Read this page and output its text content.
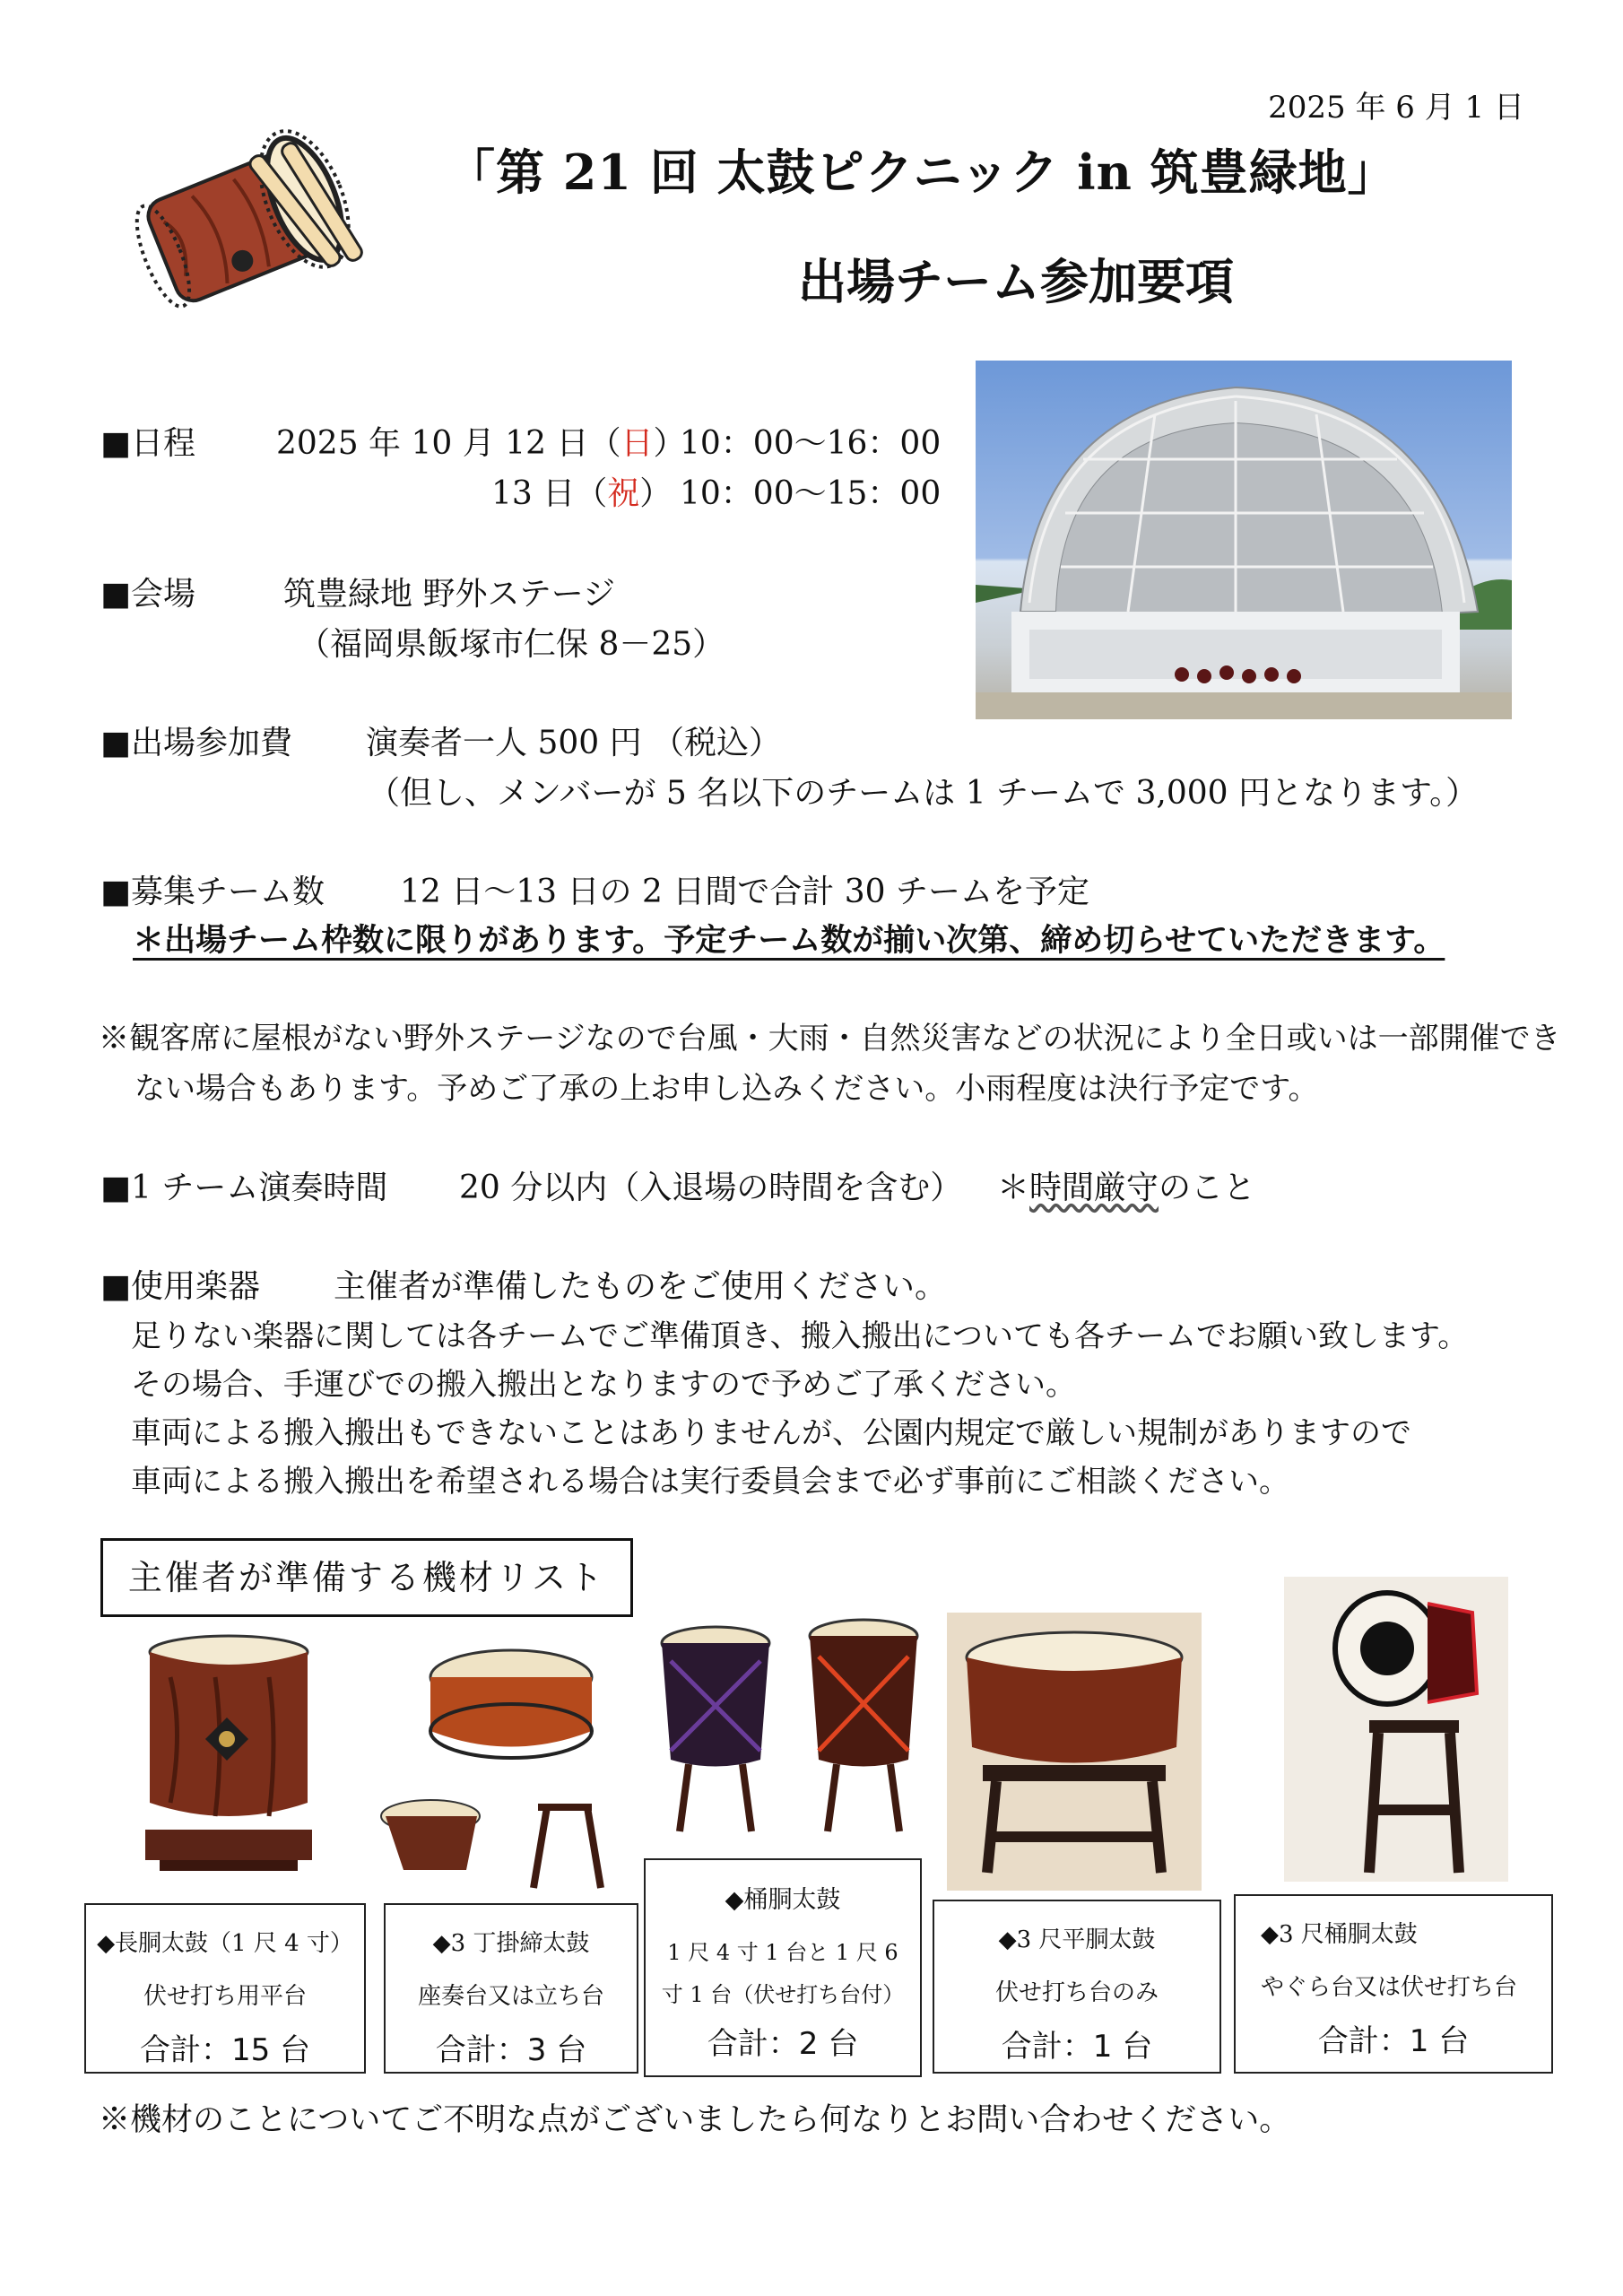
2025 年 6 月 1 日
「第 21 回 太鼓ピクニック in 筑豊緑地」
出場チーム参加要項
■日程 2025 年 10 月 12 日（日）
10：00～16：00
13 日（祝） 10：00～15：00
■会場	筑豊緑地 野外ステージ
（福岡県飯塚市仁保 8－25）
■出場参加費 演奏者一人 500 円 （税込）
（但し、メンバーが 5 名以下のチームは 1 チームで 3,000 円となります。）
■募集チーム数 12 日～13 日の 2 日間で合計 30 チームを予定
＊出場チーム枠数に限りがあります。予定チーム数が揃い次第、締め切らせていただきます。
※観客席に屋根がない野外ステージなので台風・大雨・自然災害などの状況により全日或いは一部開催でき
ない場合もあります。予めご了承の上お申し込みください。小雨程度は決行予定です。
■1 チーム演奏時間 20 分以内（入退場の時間を含む） ＊時間厳守のこと
■使用楽器 主催者が準備したものをご使用ください。
足りない楽器に関しては各チームでご準備頂き、搬入搬出についても各チームでお願い致します。
その場合、手運びでの搬入搬出となりますので予めご了承ください。
車両による搬入搬出もできないことはありませんが、公園内規定で厳しい規制がありますので
車両による搬入搬出を希望される場合は実行委員会まで必ず事前にご相談ください。
主催者が準備する機材リスト
◆長胴太鼓（1 尺 4 寸）
伏せ打ち用平台
合計：15 台
◆3 丁掛締太鼓
座奏台又は立ち台
合計：3 台
◆桶胴太鼓
1 尺 4 寸 1 台と 1 尺 6
寸 1 台（伏せ打ち台付）
合計：2 台
◆3 尺平胴太鼓
伏せ打ち台のみ
合計：1 台
◆3 尺桶胴太鼓
やぐら台又は伏せ打ち台
合計：1 台
※機材のことについてご不明な点がございましたら何なりとお問い合わせください。
